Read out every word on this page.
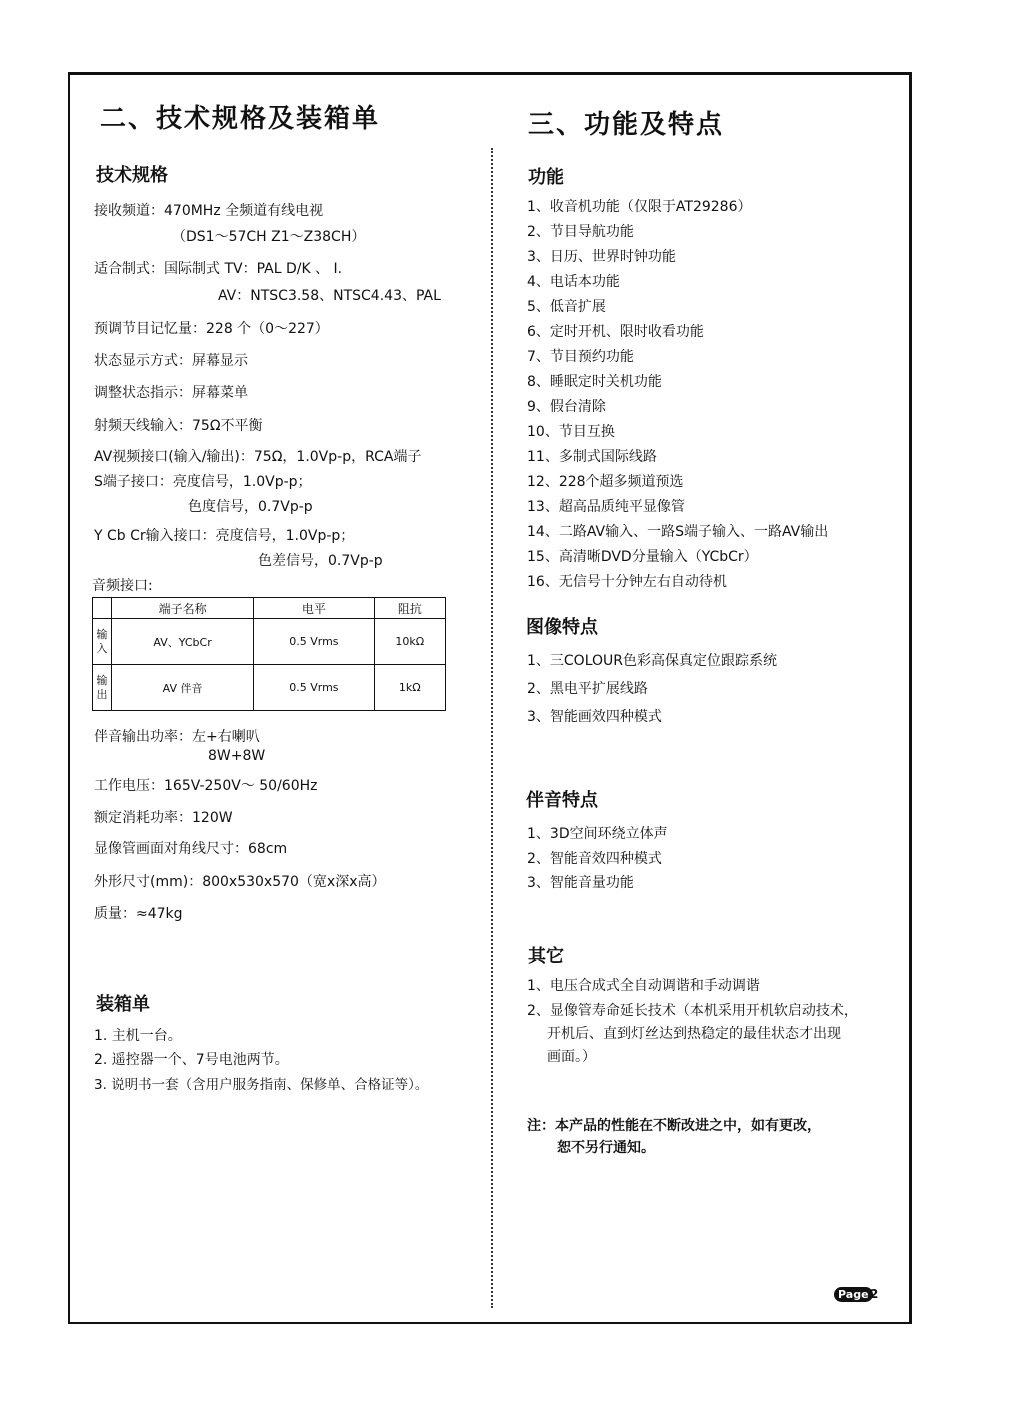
二、技术规格及装箱单
技术规格
接收频道：470MHz 全频道有线电视
（DS1～57CH Z1～Z38CH）
适合制式：国际制式 TV：PAL D/K 、 I.
AV：NTSC3.58、NTSC4.43、PAL
预调节目记忆量：228 个（0～227）
状态显示方式：屏幕显示
调整状态指示：屏幕菜单
射频天线输入：75Ω不平衡
AV视频接口(输入/输出)：75Ω，1.0Vp-p，RCA端子
S端子接口：亮度信号，1.0Vp-p；
色度信号，0.7Vp-p
Y Cb Cr输入接口：亮度信号，1.0Vp-p；
色差信号，0.7Vp-p
音频接口:
	端子名称	电平	阻抗
输入	AV、YCbCr	0.5 Vrms	10kΩ
输出	AV 伴音	0.5 Vrms	1kΩ
伴音输出功率：左+右喇叭
8W+8W
工作电压：165V-250V～ 50/60Hz
额定消耗功率：120W
显像管画面对角线尺寸：68cm
外形尺寸(mm)：800x530x570（宽x深x高）
质量：≈47kg
装箱单
1. 主机一台。
2. 遥控器一个、7号电池两节。
3. 说明书一套（含用户服务指南、保修单、合格证等）。
三、功能及特点
功能
1、收音机功能（仅限于AT29286）
2、节目导航功能
3、日历、世界时钟功能
4、电话本功能
5、低音扩展
6、定时开机、限时收看功能
7、节目预约功能
8、睡眠定时关机功能
9、假台清除
10、节目互换
11、多制式国际线路
12、228个超多频道预选
13、超高品质纯平显像管
14、二路AV输入、一路S端子输入、一路AV输出
15、高清晰DVD分量输入（YCbCr）
16、无信号十分钟左右自动待机
图像特点
1、三COLOUR色彩高保真定位跟踪系统
2、黑电平扩展线路
3、智能画效四种模式
伴音特点
1、3D空间环绕立体声
2、智能音效四种模式
3、智能音量功能
其它
1、电压合成式全自动调谐和手动调谐
2、显像管寿命延长技术（本机采用开机软启动技术，
开机后、直到灯丝达到热稳定的最佳状态才出现
画面。）
注：本产品的性能在不断改进之中，如有更改，
恕不另行通知。
Page 2
